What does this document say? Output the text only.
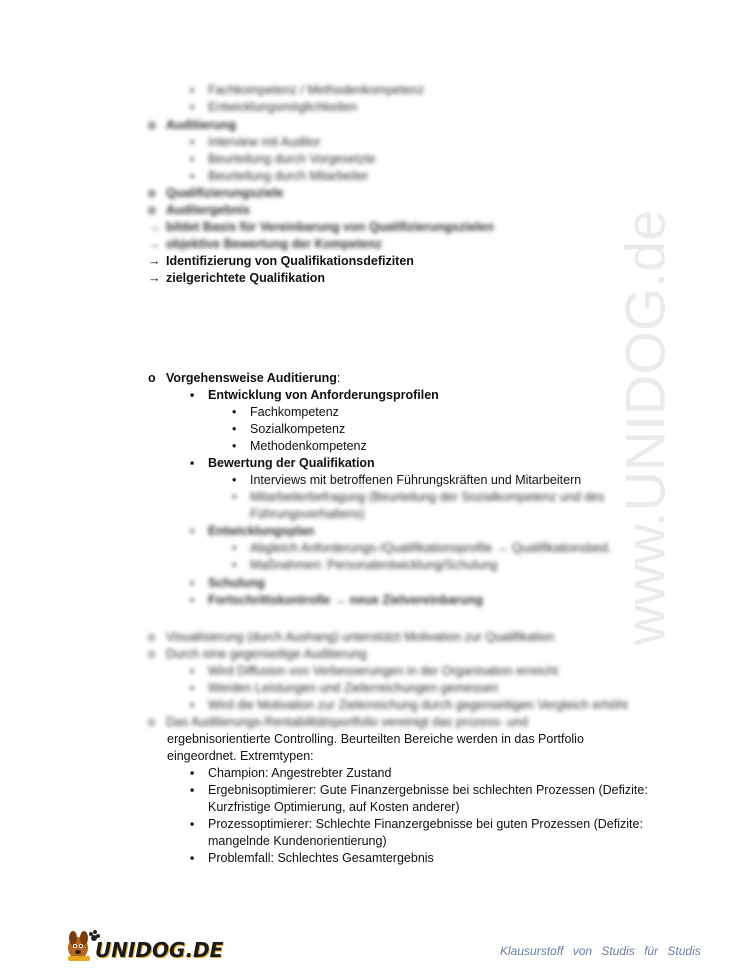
www.UNIDOG.de
▪ Fachkompetenz / Methodenkompetenz
▪ Entwicklungsmöglichkeiten
o Auditierung
▪ Interview mit Auditor
▪ Beurteilung durch Vorgesetzte
▪ Beurteilung durch Mitarbeiter
o Qualifizierungsziele
o Auditergebnis
→ bildet Basis für Vereinbarung von Qualifizierungszielen
→ objektive Bewertung der Kompetenz
→ Identifizierung von Qualifikationsdefiziten
→ zielgerichtete Qualifikation
o Vorgehensweise Auditierung:
▪ Entwicklung von Anforderungsprofilen
• Fachkompetenz
• Sozialkompetenz
• Methodenkompetenz
▪ Bewertung der Qualifikation
• Interviews mit betroffenen Führungskräften und Mitarbeitern
• Mitarbeiterbefragung (Beurteilung der Sozialkompetenz und des
Führungsverhaltens)
▪ Entwicklungsplan
• Abgleich Anforderungs-/Qualifikationsprofile → Qualifikationsbed.
• Maßnahmen: Personalentwicklung/Schulung
▪ Schulung
▪ Fortschrittskontrolle → neue Zielvereinbarung
o Visualisierung (durch Aushang) unterstützt Motivation zur Qualifikation
o Durch eine gegenseitige Auditierung
▪ Wird Diffusion von Verbesserungen in der Organisation erreicht
▪ Werden Leistungen und Zielerreichungen gemessen
▪ Wird die Motivation zur Zielerreichung durch gegenseitigen Vergleich erhöht
o Das Auditierungs-Rentabilitätsportfolio vereinigt das prozess- und
ergebnisorientierte Controlling. Beurteilten Bereiche werden in das Portfolio
eingeordnet. Extremtypen:
▪ Champion: Angestrebter Zustand
▪ Ergebnisoptimierer: Gute Finanzergebnisse bei schlechten Prozessen (Defizite:
Kurzfristige Optimierung, auf Kosten anderer)
▪ Prozessoptimierer: Schlechte Finanzergebnisse bei guten Prozessen (Defizite:
mangelnde Kundenorientierung)
▪ Problemfall: Schlechtes Gesamtergebnis
UNIDOG.DE	Klausurstoff von Studis für Studis
